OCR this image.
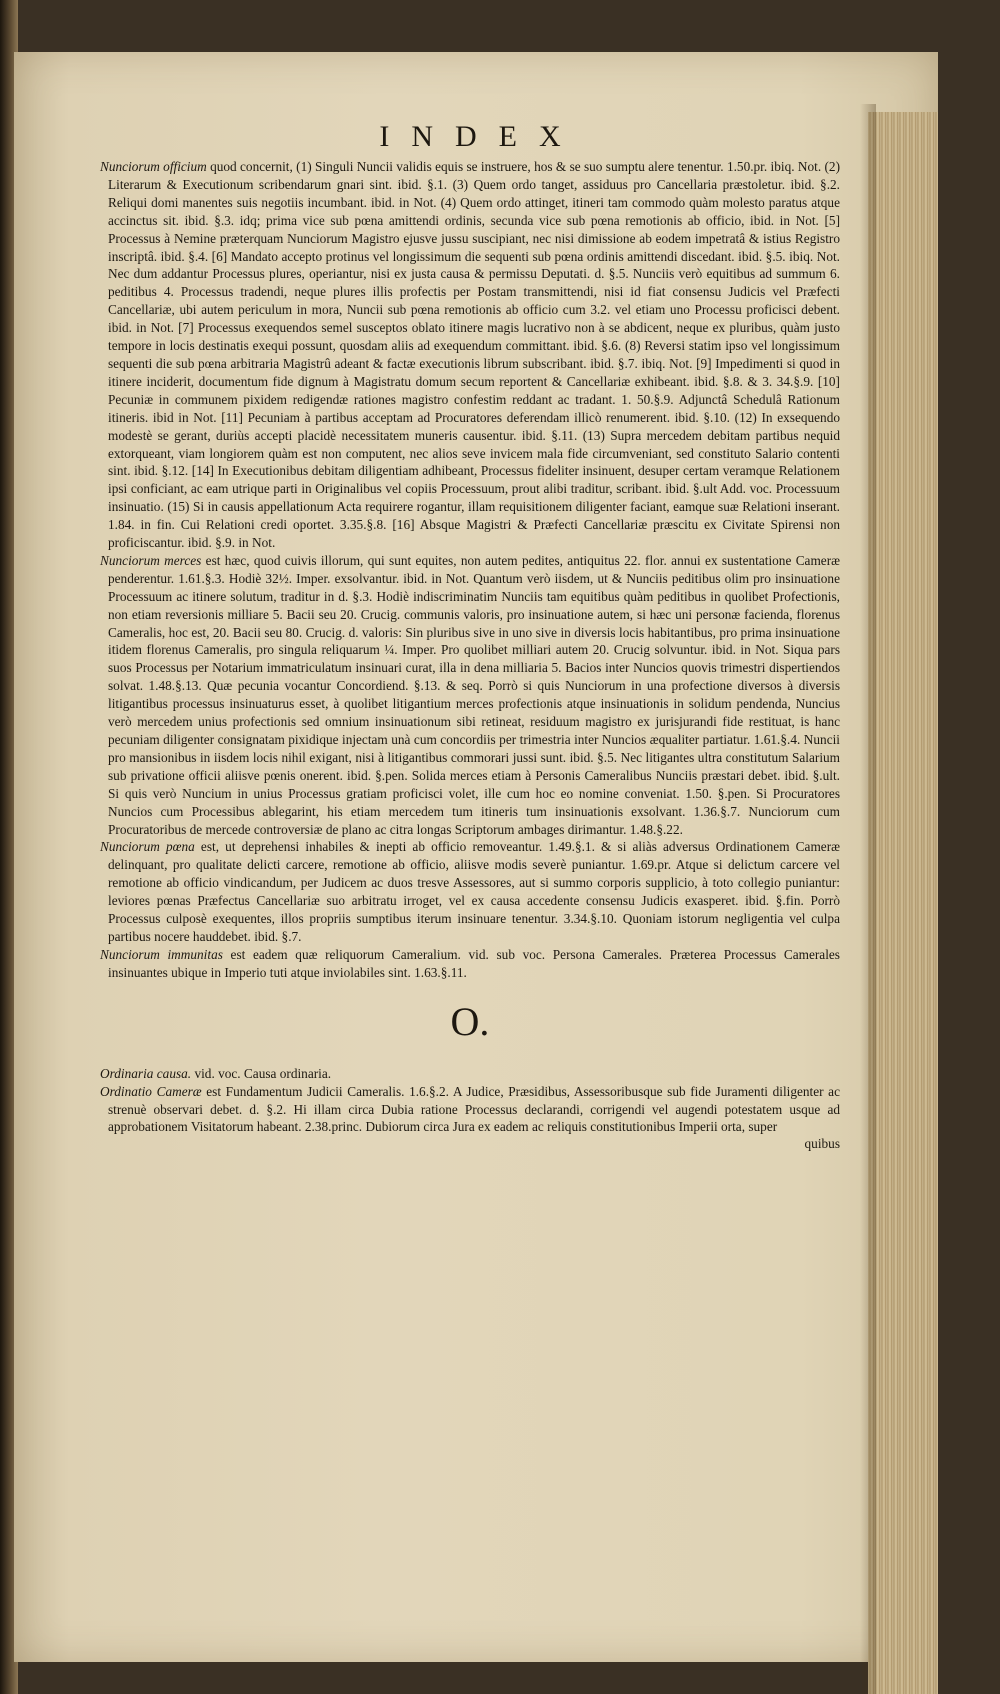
INDEX

Nunciorum officium quod concernit, (1) Singuli Nuncii validis equis se instruere, hos & se suo sumptu alere tenentur. 1.50.pr. ibiq. Not. (2) Literarum & Executionum scribendarum gnari sint. ibid. §.1. (3) Quem ordo tanget, assiduus pro Cancellaria præstoletur. ibid. §.2. Reliqui domi manentes suis negotiis incumbant. ibid. in Not. (4) Quem ordo attinget, itineri tam commodo quàm molesto paratus atque accinctus sit. ibid. §.3. idq; prima vice sub pœna amittendi ordinis, secunda vice sub pœna remotionis ab officio, ibid. in Not. [5] Processus à Nemine præterquam Nunciorum Magistro ejusve jussu suscipiant, nec nisi dimissione ab eodem impetratâ & istius Registro inscriptâ. ibid. §.4. [6] Mandato accepto protinus vel longissimum die sequenti sub pœna ordinis amittendi discedant. ibid. §.5. ibiq. Not. Nec dum addantur Processus plures, operiantur, nisi ex justa causa & permissu Deputati. d. §.5. Nunciis verò equitibus ad summum 6. peditibus 4. Processus tradendi, neque plures illis profectis per Postam transmittendi, nisi id fiat consensu Judicis vel Præfecti Cancellariæ, ubi autem periculum in mora, Nuncii sub pœna remotionis ab officio cum 3.2. vel etiam uno Processu proficisci debent. ibid. in Not. [7] Processus exequendos semel susceptos oblato itinere magis lucrativo non à se abdicent, neque ex pluribus, quàm justo tempore in locis destinatis exequi possunt, quosdam aliis ad exequendum committant. ibid. §.6. (8) Reversi statim ipso vel longissimum sequenti die sub pœna arbitraria Magistrû adeant & factæ executionis librum subscribant. ibid. §.7. ibiq. Not. [9] Impedimenti si quod in itinere inciderit, documentum fide dignum à Magistratu domum secum reportent & Cancellariæ exhibeant. ibid. §.8. & 3. 34.§.9. [10] Pecuniæ in communem pixidem redigendæ rationes magistro confestim reddant ac tradant. 1. 50.§.9. Adjunctâ Schedulâ Rationum itineris. ibid in Not. [11] Pecuniam à partibus acceptam ad Procuratores deferendam illicò renumerent. ibid. §.10. (12) In exsequendo modestè se gerant, duriùs accepti placidè necessitatem muneris causentur. ibid. §.11. (13) Supra mercedem debitam partibus nequid extorqueant, viam longiorem quàm est non computent, nec alios seve invicem mala fide circumveniant, sed constituto Salario contenti sint. ibid. §.12. [14] In Executionibus debitam diligentiam adhibeant, Processus fideliter insinuent, desuper certam veramque Relationem ipsi conficiant, ac eam utrique parti in Originalibus vel copiis Processuum, prout alibi traditur, scribant. ibid. §.ult Add. voc. Processuum insinuatio. (15) Si in causis appellationum Acta requirere rogantur, illam requisitionem diligenter faciant, eamque suæ Relationi inserant. 1.84. in fin. Cui Relationi credi oportet. 3.35.§.8. [16] Absque Magistri & Præfecti Cancellariæ præscitu ex Civitate Spirensi non proficiscantur. ibid. §.9. in Not.

Nunciorum merces est hæc, quod cuivis illorum, qui sunt equites, non autem pedites, antiquitus 22. flor. annui ex sustentatione Cameræ penderentur. 1.61.§.3. Hodiè 32½. Imper. exsolvantur. ibid. in Not. Quantum verò iisdem, ut & Nunciis peditibus olim pro insinuatione Processuum ac itinere solutum, traditur in d. §.3. Hodiè indiscriminatim Nunciis tam equitibus quàm peditibus in quolibet Profectionis, non etiam reversionis milliare 5. Bacii seu 20. Crucig. communis valoris, pro insinuatione autem, si hæc uni personæ facienda, florenus Cameralis, hoc est, 20. Bacii seu 80. Crucig. d. valoris: Sin pluribus sive in uno sive in diversis locis habitantibus, pro prima insinuatione itidem florenus Cameralis, pro singula reliquarum ¼. Imper. Pro quolibet milliari autem 20. Crucig solvuntur. ibid. in Not. Siqua pars suos Processus per Notarium immatriculatum insinuari curat, illa in dena milliaria 5. Bacios inter Nuncios quovis trimestri dispertiendos solvat. 1.48.§.13. Quæ pecunia vocantur Concordiend. §.13. & seq. Porrò si quis Nunciorum in una profectione diversos à diversis litigantibus processus insinuaturus esset, à quolibet litigantium merces profectionis atque insinuationis in solidum pendenda, Nuncius verò mercedem unius profectionis sed omnium insinuationum sibi retineat, residuum magistro ex jurisjurandi fide restituat, is hanc pecuniam diligenter consignatam pixidique injectam unà cum concordiis per trimestria inter Nuncios æqualiter partiatur. 1.61.§.4. Nuncii pro mansionibus in iisdem locis nihil exigant, nisi à litigantibus commorari jussi sunt. ibid. §.5. Nec litigantes ultra constitutum Salarium sub privatione officii aliisve pœnis onerent. ibid. §.pen. Solida merces etiam à Personis Cameralibus Nunciis præstari debet. ibid. §.ult. Si quis verò Nuncium in unius Processus gratiam proficisci volet, ille cum hoc eo nomine conveniat. 1.50. §.pen. Si Procuratores Nuncios cum Processibus ablegarint, his etiam mercedem tum itineris tum insinuationis exsolvant. 1.36.§.7. Nunciorum cum Procuratoribus de mercede controversiæ de plano ac citra longas Scriptorum ambages dirimantur. 1.48.§.22.

Nunciorum pœna est, ut deprehensi inhabiles & inepti ab officio removeantur. 1.49.§.1. & si aliàs adversus Ordinationem Cameræ delinquant, pro qualitate delicti carcere, remotione ab officio, aliisve modis severè puniantur. 1.69.pr. Atque si delictum carcere vel remotione ab officio vindicandum, per Judicem ac duos tresve Assessores, aut si summo corporis supplicio, à toto collegio puniantur: leviores pœnas Præfectus Cancellariæ suo arbitratu irroget, vel ex causa accedente consensu Judicis exasperet. ibid. §.fin. Porrò Processus culposè exequentes, illos propriis sumptibus iterum insinuare tenentur. 3.34.§.10. Quoniam istorum negligentia vel culpa partibus nocere hauddebet. ibid. §.7.

Nunciorum immunitas est eadem quæ reliquorum Cameralium. vid. sub voc. Persona Camerales. Præterea Processus Camerales insinuantes ubique in Imperio tuti atque inviolabiles sint. 1.63.§.11.

O.

Ordinaria causa. vid. voc. Causa ordinaria.

Ordinatio Cameræ est Fundamentum Judicii Cameralis. 1.6.§.2. A Judice, Præsidibus, Assessoribusque sub fide Juramenti diligenter ac strenuè observari debet. d. §.2. Hi illam circa Dubia ratione Processus declarandi, corrigendi vel augendi potestatem usque ad approbationem Visitatorum habeant. 2.38.princ. Dubiorum circa Jura ex eadem ac reliquis constitutionibus Imperii orta, super

quibus
